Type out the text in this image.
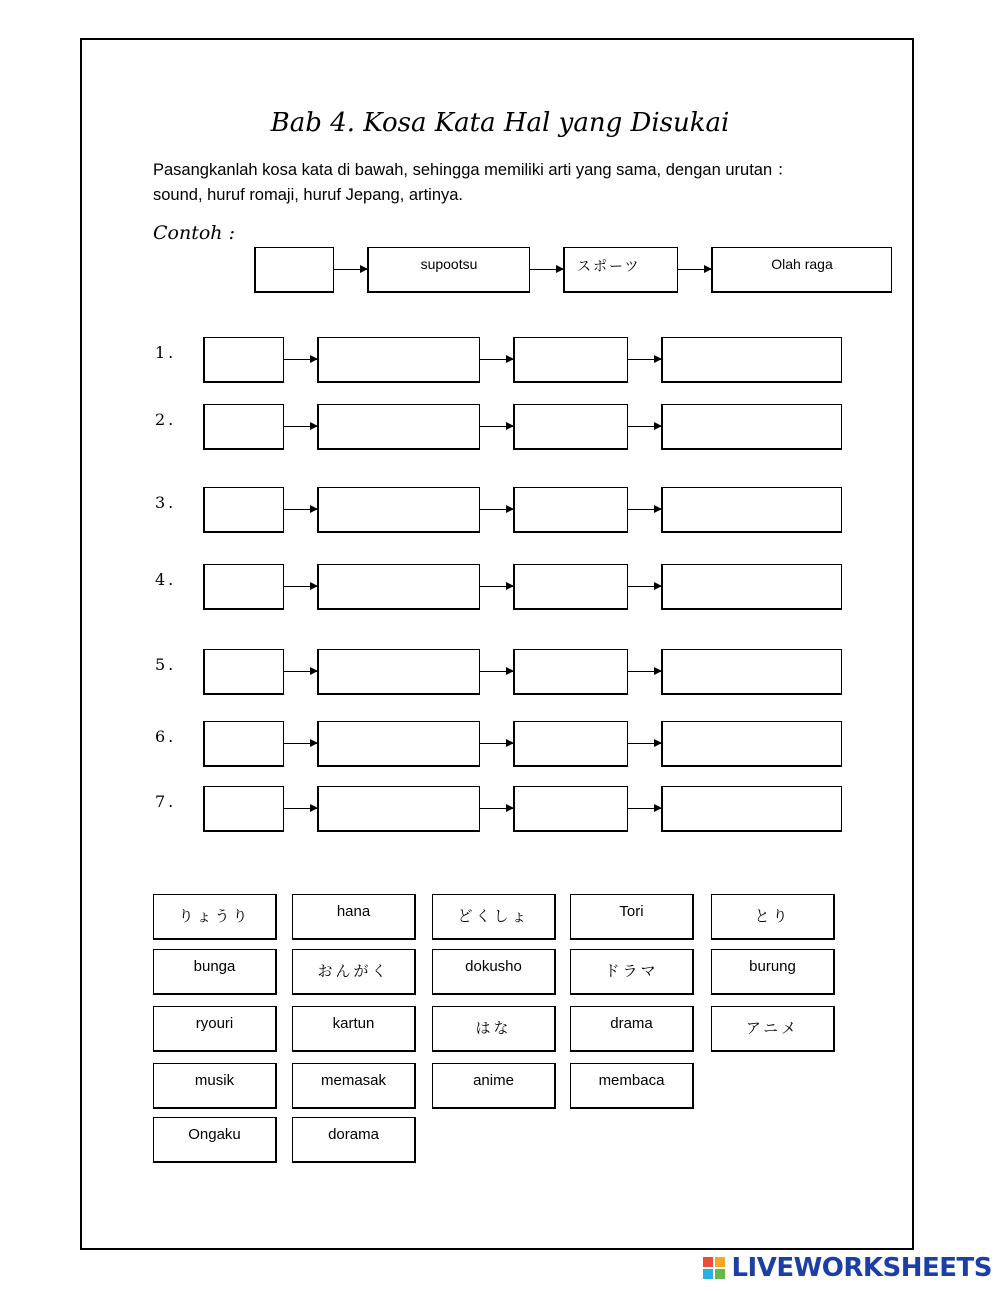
Bab 4. Kosa Kata Hal yang Disukai
Pasangkanlah kosa kata di bawah, sehingga memiliki arti yang sama, dengan urutan ：sound, huruf romaji, huruf Jepang, artinya.
Contoh :
supootsu	スポーツ	Olah raga
1.
2.
3.
4.
5.
6.
7.
りょうり	hana	どくしょ	Tori	とり
bunga	おんがく	dokusho	ドラマ	burung
ryouri	kartun	はな	drama	アニメ
musik	memasak	anime	membaca
Ongaku	dorama
LIVEWORKSHEETS
